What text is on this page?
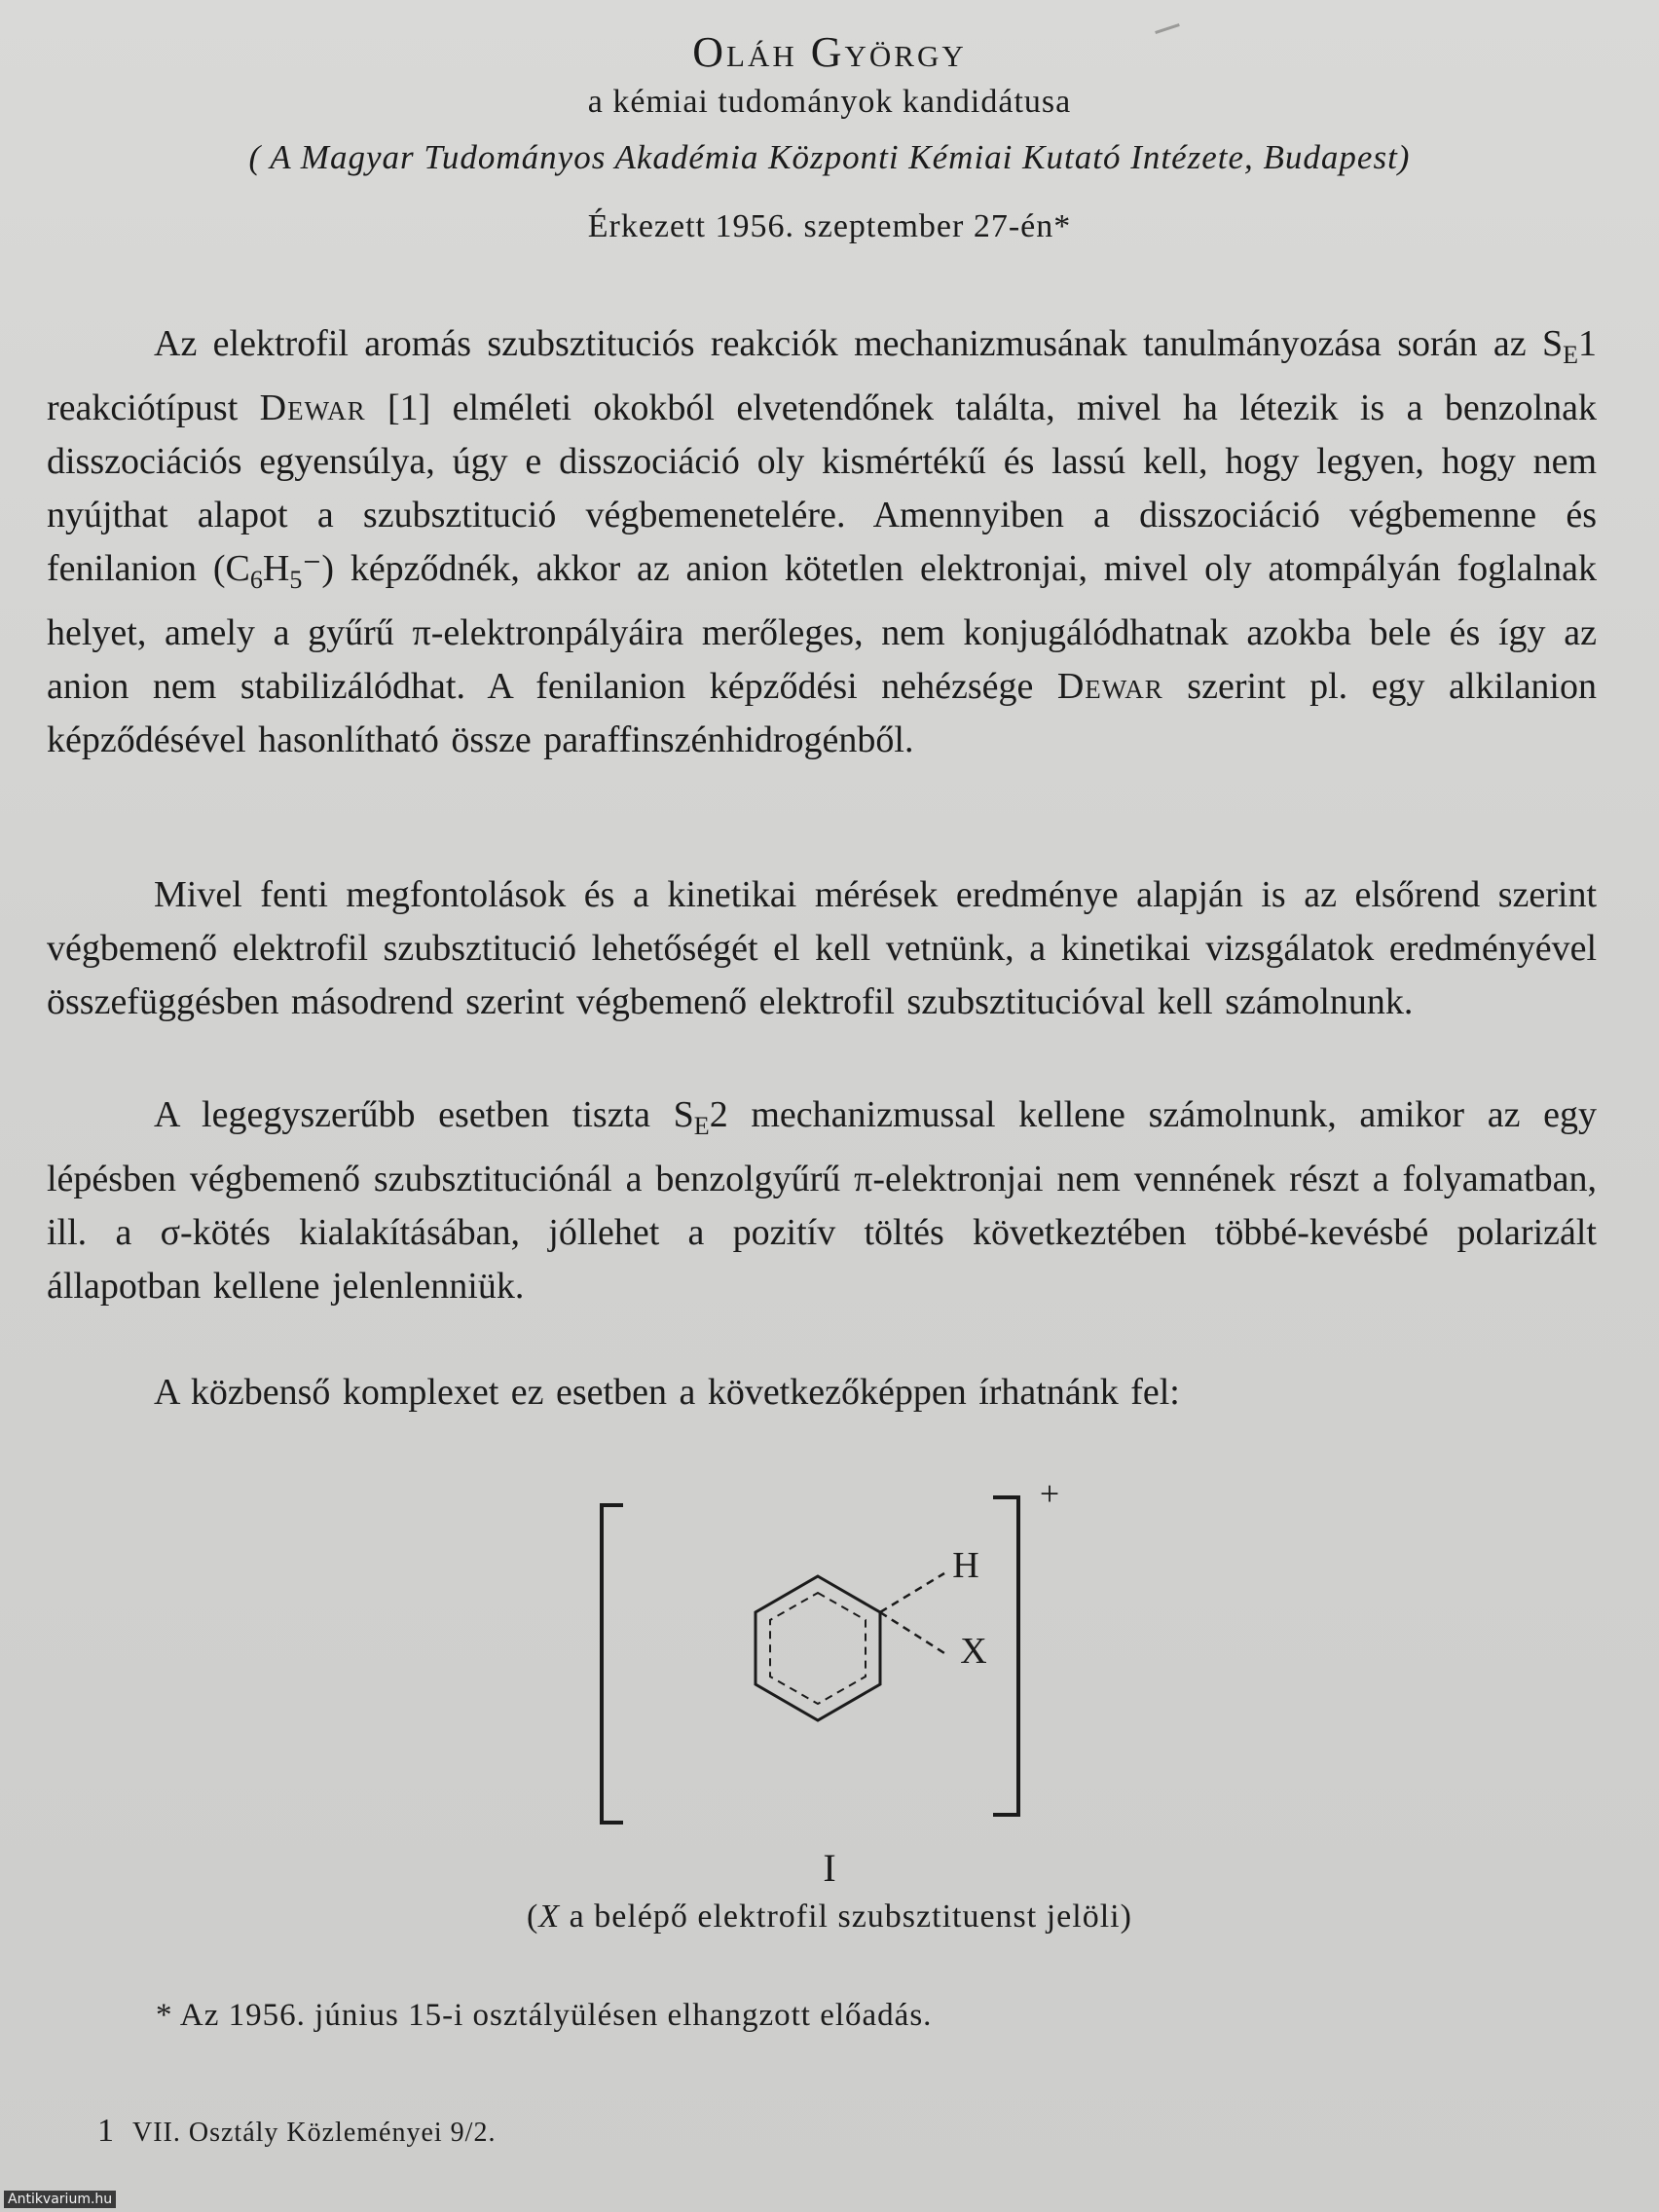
Oláh György
a kémiai tudományok kandidátusa
( A Magyar Tudományos Akadémia Központi Kémiai Kutató Intézete, Budapest)
Érkezett 1956. szeptember 27-én*

Az elektrofil aromás szubsztituciós reakciók mechanizmusának tanulmányozása során az $S_E1$ reakciótípust Dewar [1] elméleti okokból elvetendőnek találta, mivel ha létezik is a benzolnak disszociációs egyensúlya, úgy e disszociáció oly kismértékű és lassú kell, hogy legyen, hogy nem nyújthat alapot a szubsztitució végbemenetelére. Amennyiben a disszociáció végbemenne és fenilanion $(C_6H_5^-)$ képződnék, akkor az anion kötetlen elektronjai, mivel oly atompályán foglalnak helyet, amely a gyűrű π-elektronpályáira merőleges, nem konjugálódhatnak azokba bele és így az anion nem stabilizálódhat. A fenilanion képződési nehézsége Dewar szerint pl. egy alkilanion képződésével hasonlítható össze paraffinszénhidrogénből.

Mivel fenti megfontolások és a kinetikai mérések eredménye alapján is az elsőrend szerint végbemenő elektrofil szubsztitució lehetőségét el kell vetnünk, a kinetikai vizsgálatok eredményével összefüggésben másodrend szerint végbemenő elektrofil szubsztitucióval kell számolnunk.

A legegyszerűbb esetben tiszta $S_E2$ mechanizmussal kellene számolnunk, amikor az egy lépésben végbemenő szubsztituciónál a benzolgyűrű π-elektronjai nem vennének részt a folyamatban, ill. a σ-kötés kialakításában, jóllehet a pozitív töltés következtében többé-kevésbé polarizált állapotban kellene jelenlenniük.

A közbenső komplexet ez esetben a következőképpen írhatnánk fel:

+
H
X
I
(X a belépő elektrofil szubsztituenst jelöli)
* Az 1956. június 15-i osztályülésen elhangzott előadás.
1 VII. Osztály Közleményei 9/2.
Antikvarium.hu
